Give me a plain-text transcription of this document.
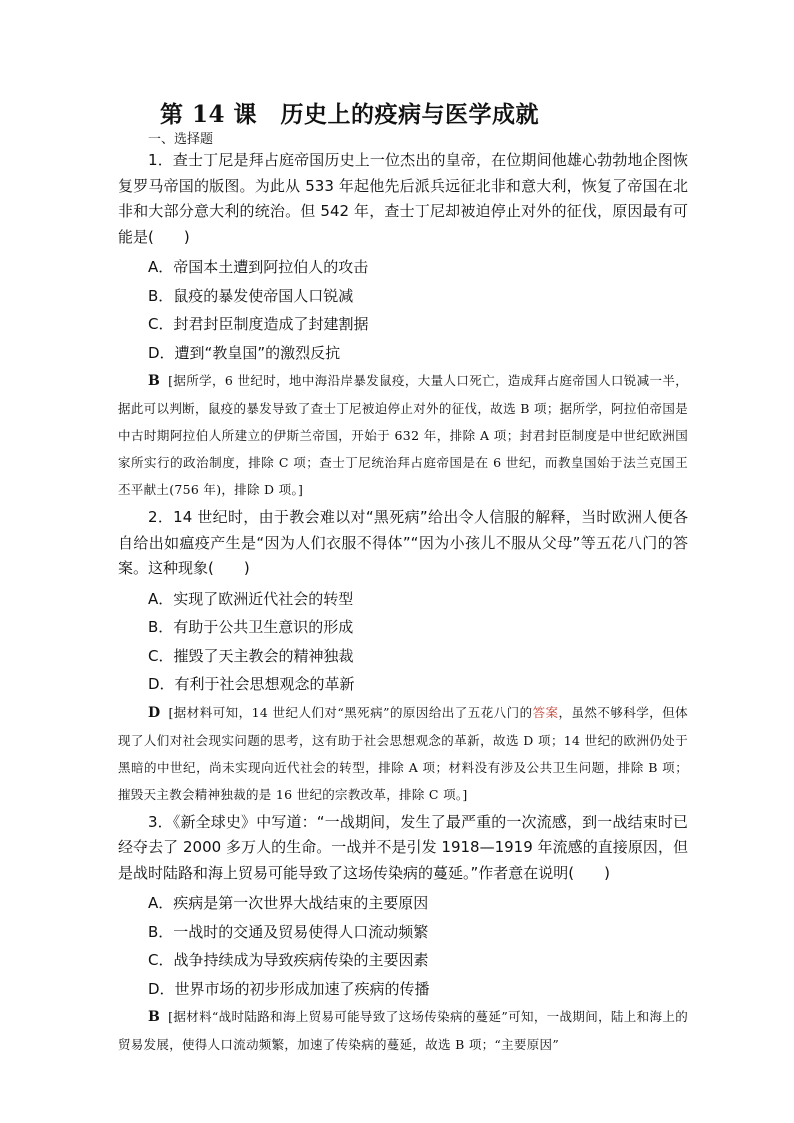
第 14 课　历史上的疫病与医学成就
一、选择题

1．查士丁尼是拜占庭帝国历史上一位杰出的皇帝，在位期间他雄心勃勃地企图恢复罗马帝国的版图。为此从 533 年起他先后派兵远征北非和意大利，恢复了帝国在北非和大部分意大利的统治。但 542 年，查士丁尼却被迫停止对外的征伐，原因最有可能是(　　)

A．帝国本土遭到阿拉伯人的攻击

B．鼠疫的暴发使帝国人口锐减

C．封君封臣制度造成了封建割据

D．遭到“教皇国”的激烈反抗

B [据所学，6 世纪时，地中海沿岸暴发鼠疫，大量人口死亡，造成拜占庭帝国人口锐减一半，据此可以判断，鼠疫的暴发导致了查士丁尼被迫停止对外的征伐，故选 B 项；据所学，阿拉伯帝国是中古时期阿拉伯人所建立的伊斯兰帝国，开始于 632 年，排除 A 项；封君封臣制度是中世纪欧洲国家所实行的政治制度，排除 C 项；查士丁尼统治拜占庭帝国是在 6 世纪，而教皇国始于法兰克国王丕平献土(756 年)，排除 D 项。]

2．14 世纪时，由于教会难以对“黑死病”给出令人信服的解释，当时欧洲人便各自给出如瘟疫产生是“因为人们衣服不得体”“因为小孩儿不服从父母”等五花八门的答案。这种现象(　　)

A．实现了欧洲近代社会的转型

B．有助于公共卫生意识的形成

C．摧毁了天主教会的精神独裁

D．有利于社会思想观念的革新

D [据材料可知，14 世纪人们对“黑死病”的原因给出了五花八门的答案，虽然不够科学，但体现了人们对社会现实问题的思考，这有助于社会思想观念的革新，故选 D 项；14 世纪的欧洲仍处于黑暗的中世纪，尚未实现向近代社会的转型，排除 A 项；材料没有涉及公共卫生问题，排除 B 项；摧毁天主教会精神独裁的是 16 世纪的宗教改革，排除 C 项。]

3．《新全球史》中写道：“一战期间，发生了最严重的一次流感，到一战结束时已经夺去了 2000 多万人的生命。一战并不是引发 1918—1919 年流感的直接原因，但是战时陆路和海上贸易可能导致了这场传染病的蔓延。”作者意在说明(　　)

A．疾病是第一次世界大战结束的主要原因

B．一战时的交通及贸易使得人口流动频繁

C．战争持续成为导致疾病传染的主要因素

D．世界市场的初步形成加速了疾病的传播

B [据材料“战时陆路和海上贸易可能导致了这场传染病的蔓延”可知，一战期间，陆上和海上的贸易发展，使得人口流动频繁，加速了传染病的蔓延，故选 B 项；“主要原因”
